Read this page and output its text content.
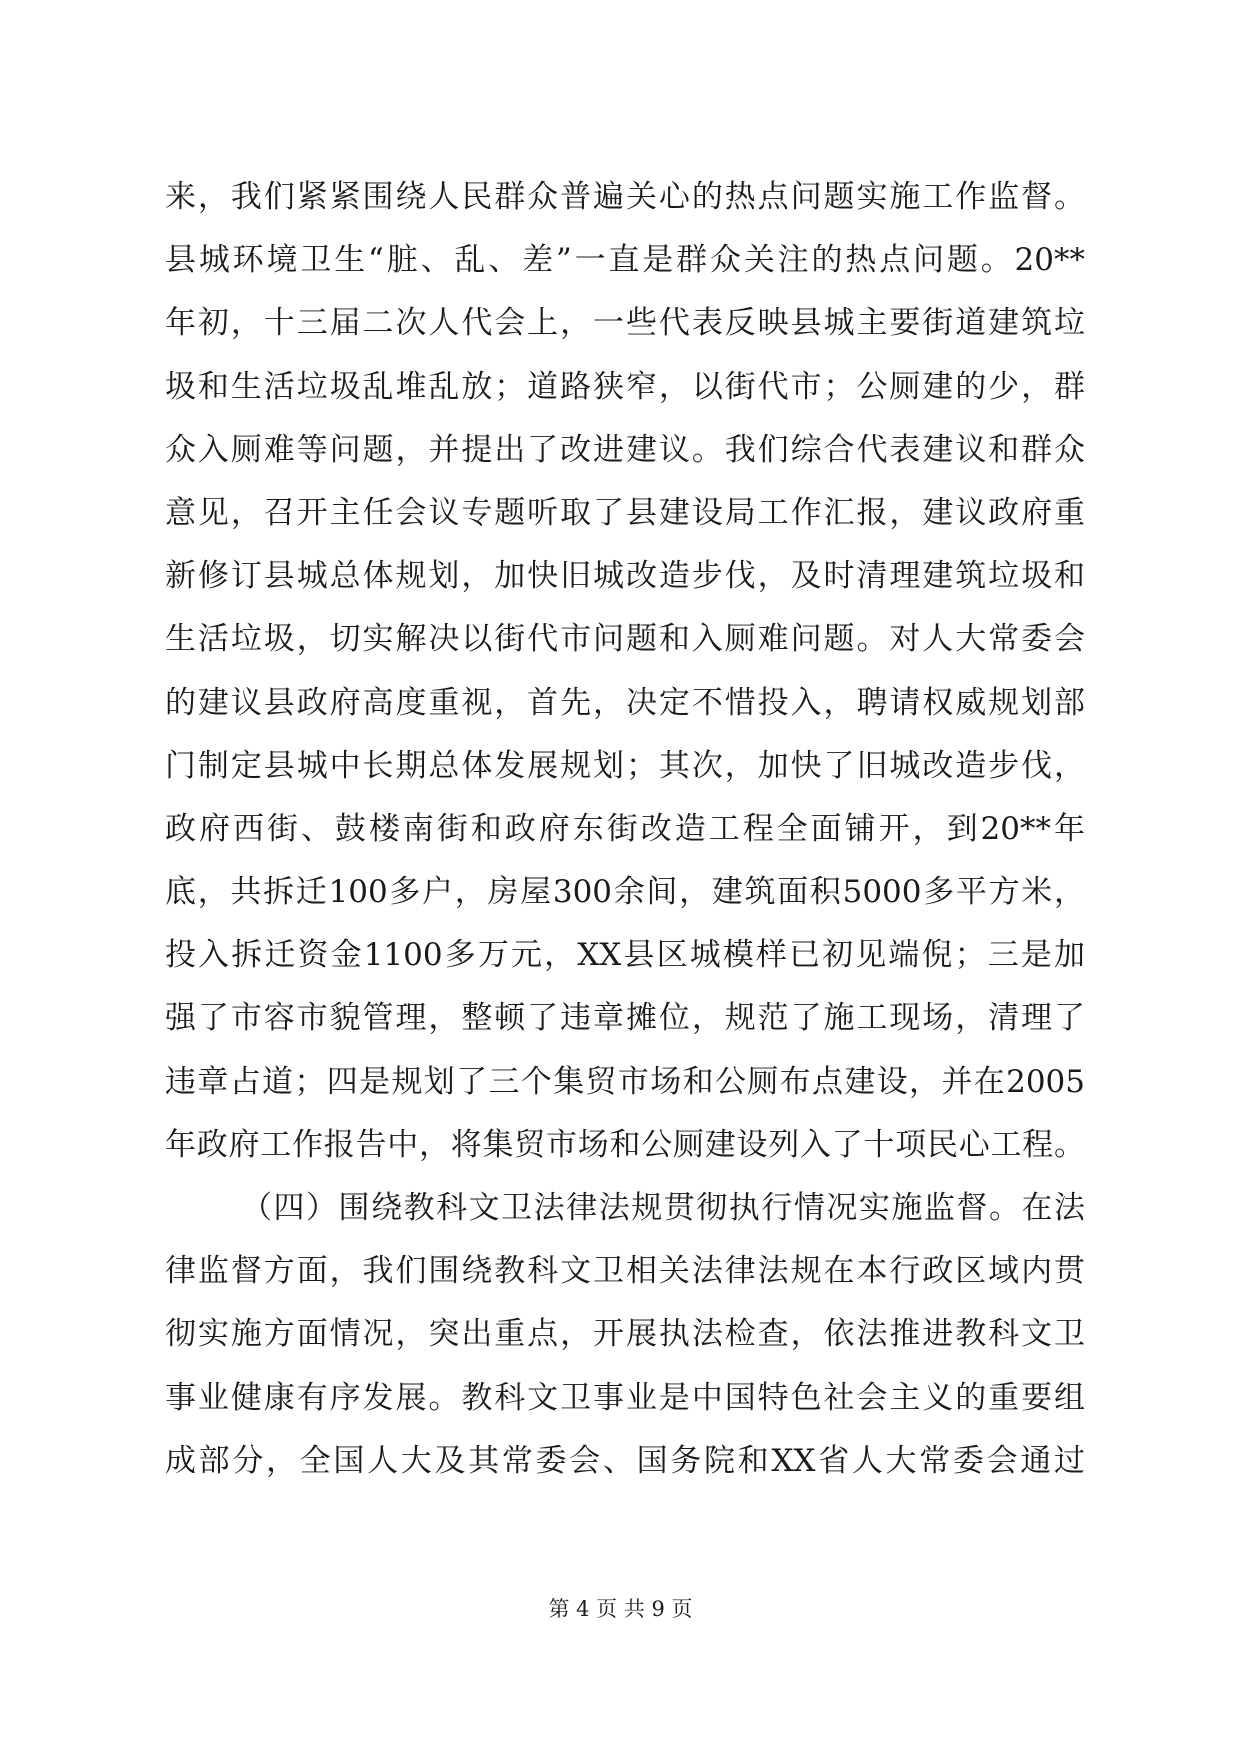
来，我们紧紧围绕人民群众普遍关心的热点问题实施工作监督。
县城环境卫生“脏、乱、差”一直是群众关注的热点问题。20**
年初，十三届二次人代会上，一些代表反映县城主要街道建筑垃
圾和生活垃圾乱堆乱放；道路狭窄，以街代市；公厕建的少，群
众入厕难等问题，并提出了改进建议。我们综合代表建议和群众
意见，召开主任会议专题听取了县建设局工作汇报，建议政府重
新修订县城总体规划，加快旧城改造步伐，及时清理建筑垃圾和
生活垃圾，切实解决以街代市问题和入厕难问题。对人大常委会
的建议县政府高度重视，首先，决定不惜投入，聘请权威规划部
门制定县城中长期总体发展规划；其次，加快了旧城改造步伐，
政府西街、鼓楼南街和政府东街改造工程全面铺开，到20**年
底，共拆迁100多户，房屋300余间，建筑面积5000多平方米，
投入拆迁资金1100多万元，XX县区城模样已初见端倪；三是加
强了市容市貌管理，整顿了违章摊位，规范了施工现场，清理了
违章占道；四是规划了三个集贸市场和公厕布点建设，并在2005
年政府工作报告中，将集贸市场和公厕建设列入了十项民心工程。
（四）围绕教科文卫法律法规贯彻执行情况实施监督。在法
律监督方面，我们围绕教科文卫相关法律法规在本行政区域内贯
彻实施方面情况，突出重点，开展执法检查，依法推进教科文卫
事业健康有序发展。教科文卫事业是中国特色社会主义的重要组
成部分，全国人大及其常委会、国务院和XX省人大常委会通过
第 4 页 共 9 页
